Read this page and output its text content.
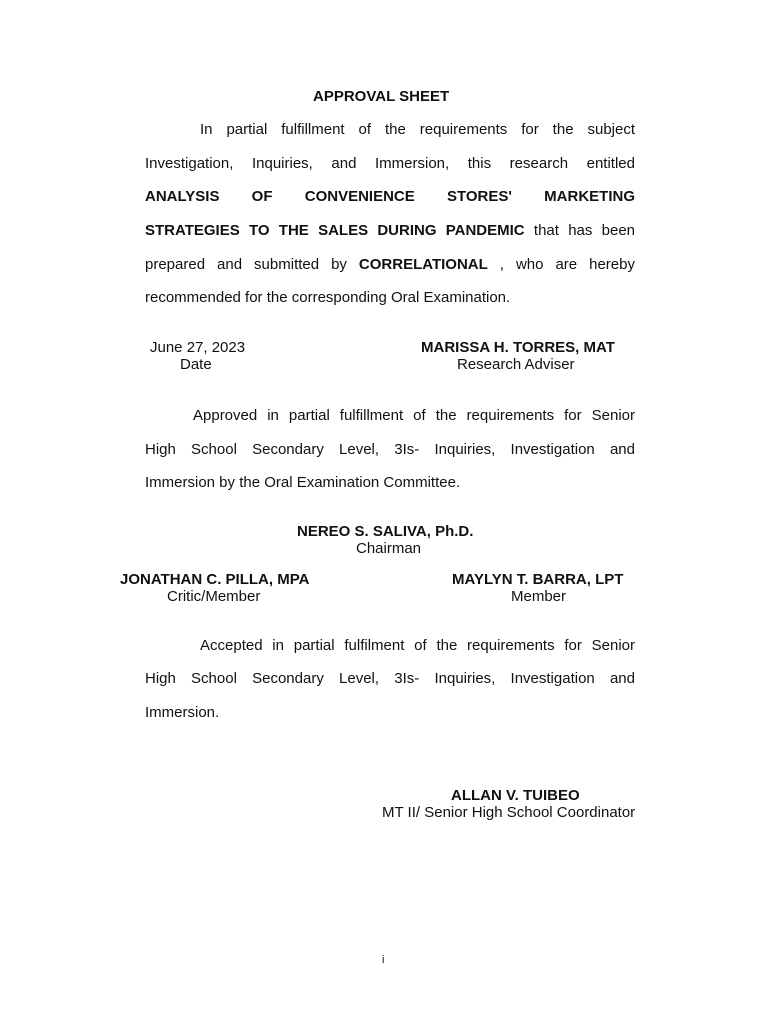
APPROVAL SHEET
In partial fulfillment of the requirements for the subject
Investigation, Inquiries, and Immersion, this research entitled
ANALYSIS OF CONVENIENCE STORES' MARKETING
STRATEGIES TO THE SALES DURING PANDEMIC that has been
prepared and submitted by CORRELATIONAL , who are hereby
recommended for the corresponding Oral Examination.
June 27, 2023
Date
MARISSA H. TORRES, MAT
Research Adviser
Approved in partial fulfillment of the requirements for Senior
High School Secondary Level, 3Is- Inquiries, Investigation and
Immersion by the Oral Examination Committee.
NEREO S. SALIVA, Ph.D.
Chairman
JONATHAN C. PILLA, MPA
Critic/Member
MAYLYN T. BARRA, LPT
Member
Accepted in partial fulfilment of the requirements for Senior
High School Secondary Level, 3Is- Inquiries, Investigation and
Immersion.
ALLAN V. TUIBEO
MT II/ Senior High School Coordinator
i
